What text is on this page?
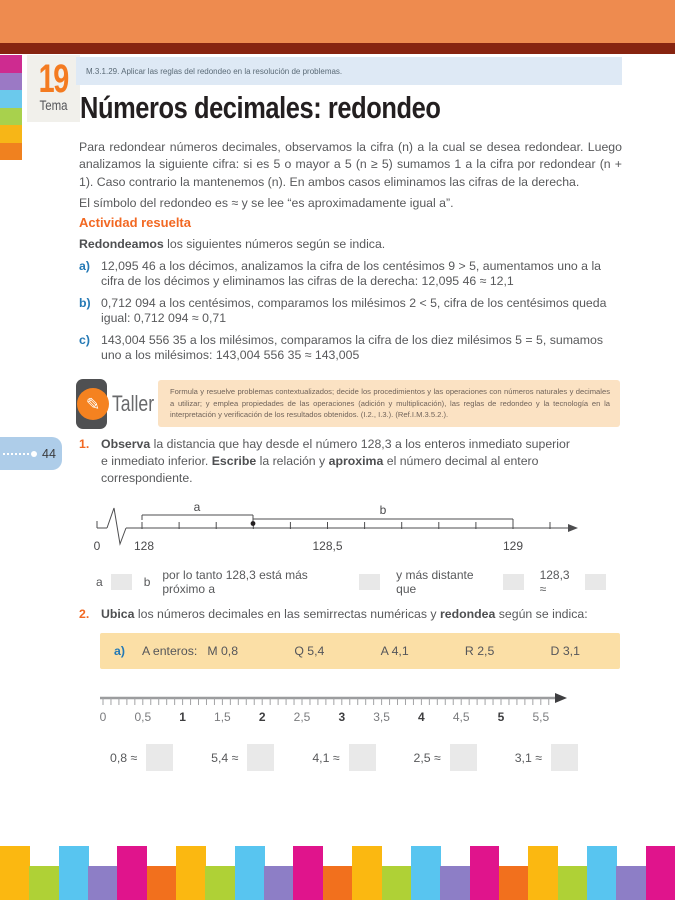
19
Tema
M.3.1.29. Aplicar las reglas del redondeo en la resolución de problemas.
Números decimales: redondeo
Para redondear números decimales, observamos la cifra (n) a la cual se desea redondear. Luego analizamos la siguiente cifra: si es 5 o mayor a 5 (n ≥ 5) sumamos 1 a la cifra por redondear (n + 1). Caso contrario la mantenemos (n). En ambos casos eliminamos las cifras de la derecha.
El símbolo del redondeo es ≈ y se lee “es aproximadamente igual a”.
Actividad resuelta
Redondeamos los siguientes números según se indica.
a) 12,095 46 a los décimos, analizamos la cifra de los centésimos 9 > 5, aumentamos uno a la cifra de los décimos y eliminamos las cifras de la derecha: 12,095 46 ≈ 12,1
b) 0,712 094 a los centésimos, comparamos los milésimos 2 < 5, cifra de los centésimos queda igual: 0,712 094 ≈ 0,71
c) 143,004 556 35 a los milésimos, comparamos la cifra de los diez milésimos 5 = 5, sumamos uno a los milésimos: 143,004 556 35 ≈ 143,005
✎ Taller Formula y resuelve problemas contextualizados; decide los procedimientos y las operaciones con números naturales y decimales a utilizar; y emplea propiedades de las operaciones (adición y multiplicación), las reglas de redondeo y la tecnología en la interpretación y verificación de los resultados obtenidos. (I.2., I.3.). (Ref.I.M.3.5.2.).
44
1. Observa la distancia que hay desde el número 128,3 a los enteros inmediato superior e inmediato inferior. Escribe la relación y aproxima el número decimal al entero correspondiente.
a	b
0	128	128,5	129
a	b por lo tanto 128,3 está más próximo a
y más distante que
128,3 ≈
2. Ubica los números decimales en las semirrectas numéricas y redondea según se indica:
a) A enteros: M 0,8	Q 5,4	A 4,1	R 2,5	D 3,1
0 0,5 1 1,5 2 2,5 3 3,5 4 4,5 5 5,5
0,8 ≈	5,4 ≈	4,1 ≈	2,5 ≈	3,1 ≈
